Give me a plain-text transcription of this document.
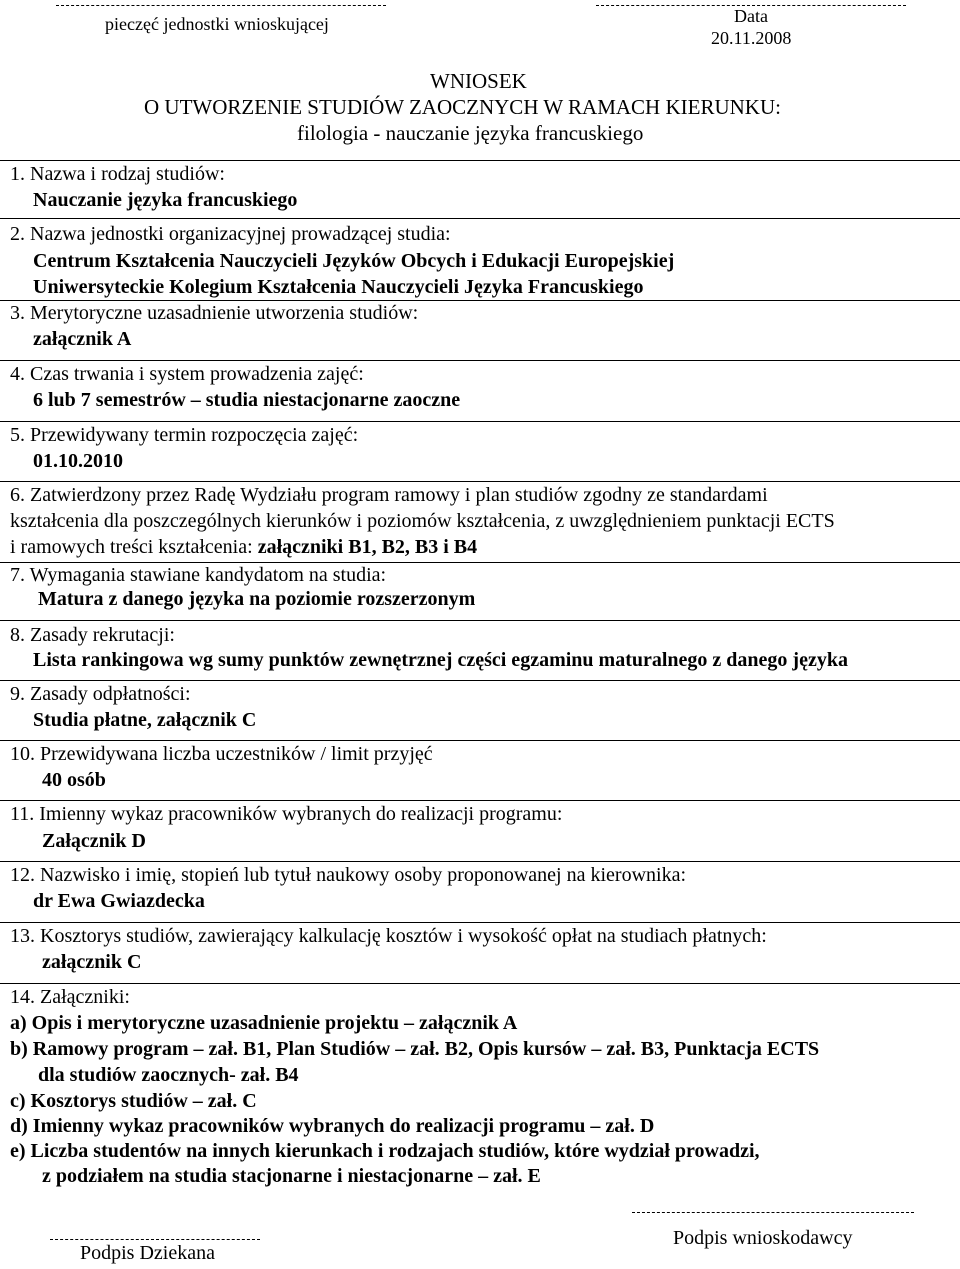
pieczęć jednostki wnioskującej	Data
20.11.2008
WNIOSEK
O UTWORZENIE STUDIÓW ZAOCZNYCH W RAMACH KIERUNKU:
filologia - nauczanie języka francuskiego
1. Nazwa i rodzaj studiów:
Nauczanie języka francuskiego
2. Nazwa jednostki organizacyjnej prowadzącej studia:
Centrum Kształcenia Nauczycieli Języków Obcych i Edukacji Europejskiej
Uniwersyteckie Kolegium Kształcenia Nauczycieli Języka Francuskiego
3. Merytoryczne uzasadnienie utworzenia studiów:
załącznik A
4. Czas trwania i system prowadzenia zajęć:
6 lub 7 semestrów – studia niestacjonarne zaoczne
5. Przewidywany termin rozpoczęcia zajęć:
01.10.2010
6. Zatwierdzony przez Radę Wydziału program ramowy i plan studiów zgodny ze standardami
kształcenia dla poszczególnych kierunków i poziomów kształcenia, z uwzględnieniem punktacji ECTS
i ramowych treści kształcenia: załączniki B1, B2, B3 i B4
7. Wymagania stawiane kandydatom na studia:
Matura z danego języka na poziomie rozszerzonym
8. Zasady rekrutacji:
Lista rankingowa wg sumy punktów zewnętrznej części egzaminu maturalnego z danego języka
9. Zasady odpłatności:
Studia płatne, załącznik C
10. Przewidywana liczba uczestników / limit przyjęć
40 osób
11. Imienny wykaz pracowników wybranych do realizacji programu:
Załącznik D
12. Nazwisko i imię, stopień lub tytuł naukowy osoby proponowanej na kierownika:
dr Ewa Gwiazdecka
13. Kosztorys studiów, zawierający kalkulację kosztów i wysokość opłat na studiach płatnych:
załącznik C
14. Załączniki:
a) Opis i merytoryczne uzasadnienie projektu – załącznik A
b) Ramowy program – zał. B1, Plan Studiów – zał. B2, Opis kursów – zał. B3, Punktacja ECTS
dla studiów zaocznych- zał. B4
c) Kosztorys studiów – zał. C
d) Imienny wykaz pracowników wybranych do realizacji programu – zał. D
e) Liczba studentów na innych kierunkach i rodzajach studiów, które wydział prowadzi,
z podziałem na studia stacjonarne i niestacjonarne – zał. E
Podpis wnioskodawcy
Podpis Dziekana
